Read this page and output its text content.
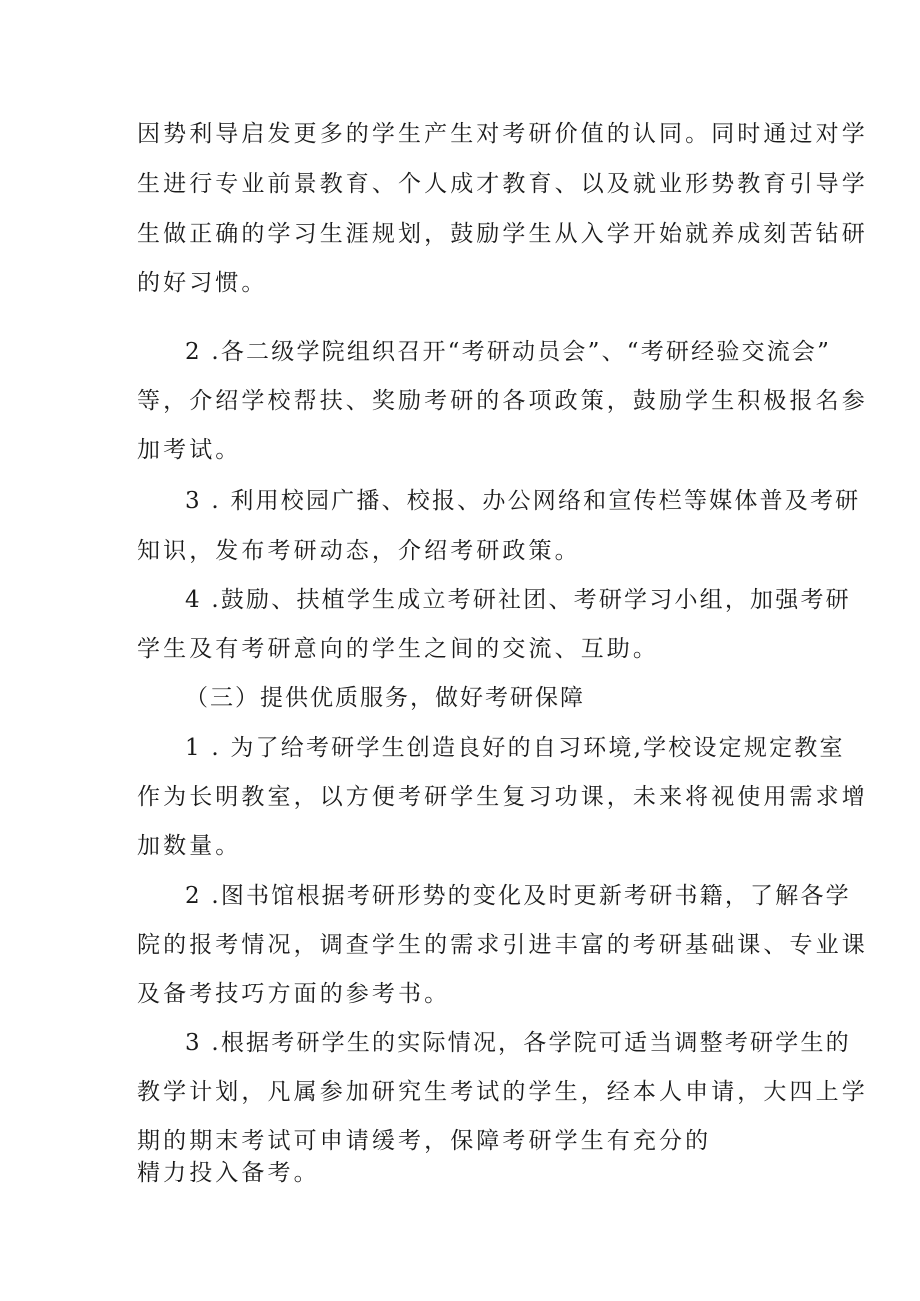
因势利导启发更多的学生产生对考研价值的认同。同时通过对学
生进行专业前景教育、个人成才教育、以及就业形势教育引导学
生做正确的学习生涯规划，鼓励学生从入学开始就养成刻苦钻研
的好习惯。
2 .各二级学院组织召开“考研动员会”、“考研经验交流会”
等，介绍学校帮扶、奖励考研的各项政策，鼓励学生积极报名参
加考试。
3 . 利用校园广播、校报、办公网络和宣传栏等媒体普及考研
知识，发布考研动态，介绍考研政策。
4 .鼓励、扶植学生成立考研社团、考研学习小组，加强考研
学生及有考研意向的学生之间的交流、互助。
（三）提供优质服务，做好考研保障
1 . 为了给考研学生创造良好的自习环境,学校设定规定教室
作为长明教室，以方便考研学生复习功课，未来将视使用需求增
加数量。
2 .图书馆根据考研形势的变化及时更新考研书籍，了解各学
院的报考情况，调查学生的需求引进丰富的考研基础课、专业课
及备考技巧方面的参考书。
3 .根据考研学生的实际情况，各学院可适当调整考研学生的
教学计划，凡属参加研究生考试的学生，经本人申请，大四上学
期的期末考试可申请缓考，保障考研学生有充分的
精力投入备考。
